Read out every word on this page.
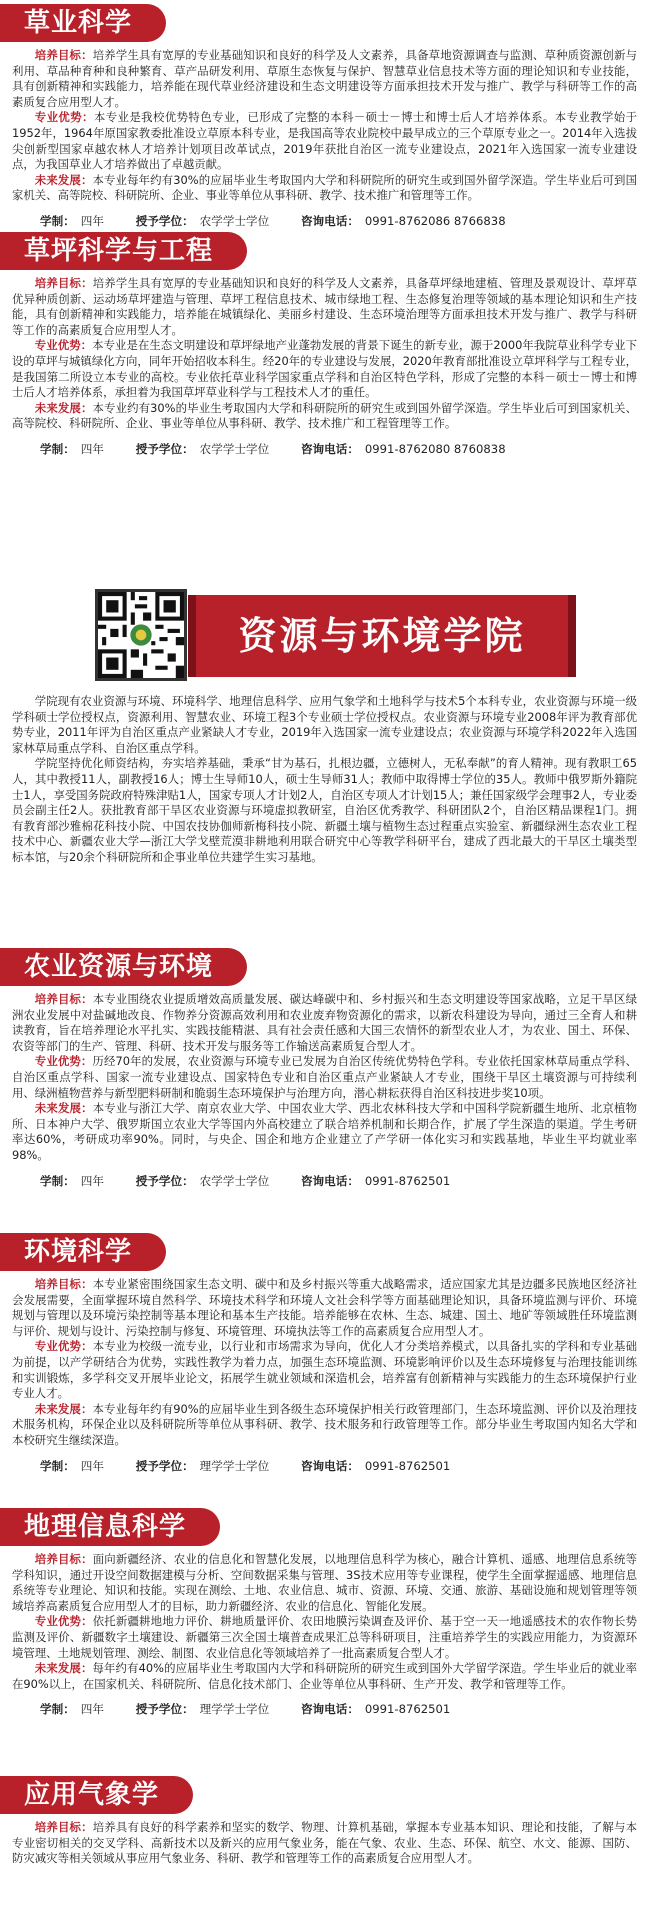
草业科学

培养目标：培养学生具有宽厚的专业基础知识和良好的科学及人文素养，具备草地资源调查与监测、草种质资源创新与利用、草品种育种和良种繁育、草产品研发利用、草原生态恢复与保护、智慧草业信息技术等方面的理论知识和专业技能，具有创新精神和实践能力，培养能在现代草业经济建设和生态文明建设等方面承担技术开发与推广、教学与科研等工作的高素质复合应用型人才。

专业优势：本专业是我校优势特色专业，已形成了完整的本科－硕士－博士和博士后人才培养体系。本专业教学始于1952年，1964年原国家教委批准设立草原本科专业，是我国高等农业院校中最早成立的三个草原专业之一。2014年入选拔尖创新型国家卓越农林人才培养计划项目改革试点，2019年获批自治区一流专业建设点，2021年入选国家一流专业建设点，为我国草业人才培养做出了卓越贡献。

未来发展：本专业每年约有30%的应届毕业生考取国内大学和科研院所的研究生或到国外留学深造。学生毕业后可到国家机关、高等院校、科研院所、企业、事业等单位从事科研、教学、技术推广和管理等工作。

学制： 四年	授予学位： 农学学士学位	咨询电话： 0991-8762086 8766838
草坪科学与工程

培养目标：培养学生具有宽厚的专业基础知识和良好的科学及人文素养，具备草坪绿地建植、管理及景观设计、草坪草优异种质创新、运动场草坪建造与管理、草坪工程信息技术、城市绿地工程、生态修复治理等领域的基本理论知识和生产技能，具有创新精神和实践能力，培养能在城镇绿化、美丽乡村建设、生态环境治理等方面承担技术开发与推广、教学与科研等工作的高素质复合应用型人才。

专业优势：本专业是在生态文明建设和草坪绿地产业蓬勃发展的背景下诞生的新专业，源于2000年我院草业科学专业下设的草坪与城镇绿化方向，同年开始招收本科生。经20年的专业建设与发展，2020年教育部批准设立草坪科学与工程专业，是我国第二所设立本专业的高校。专业依托草业科学国家重点学科和自治区特色学科，形成了完整的本科－硕士－博士和博士后人才培养体系，承担着为我国草坪草业科学与工程技术人才的重任。

未来发展：本专业约有30%的毕业生考取国内大学和科研院所的研究生或到国外留学深造。学生毕业后可到国家机关、高等院校、科研院所、企业、事业等单位从事科研、教学、技术推广和工程管理等工作。

学制： 四年	授予学位： 农学学士学位	咨询电话： 0991-8762080 8760838
资源与环境学院

学院现有农业资源与环境、环境科学、地理信息科学、应用气象学和土地科学与技术5个本科专业，农业资源与环境一级学科硕士学位授权点，资源利用、智慧农业、环境工程3个专业硕士学位授权点。农业资源与环境专业2008年评为教育部优势专业，2011年评为自治区重点产业紧缺人才专业，2019年入选国家一流专业建设点；农业资源与环境学科2022年入选国家林草局重点学科、自治区重点学科。

学院坚持优化师资结构，夯实培养基础，秉承“甘为基石，扎根边疆，立德树人，无私奉献”的育人精神。现有教职工65人，其中教授11人，副教授16人；博士生导师10人，硕士生导师31人；教师中取得博士学位的35人。教师中俄罗斯外籍院士1人，享受国务院政府特殊津贴1人，国家专项人才计划2人，自治区专项人才计划15人；兼任国家级学会理事2人，专业委员会副主任2人。获批教育部干旱区农业资源与环境虚拟教研室，自治区优秀教学、科研团队2个，自治区精品课程1门。拥有教育部沙雅棉花科技小院、中国农技协伽师新梅科技小院、新疆土壤与植物生态过程重点实验室、新疆绿洲生态农业工程技术中心、新疆农业大学—浙江大学戈壁荒漠非耕地利用联合研究中心等教学科研平台，建成了西北最大的干旱区土壤类型标本馆，与20余个科研院所和企事业单位共建学生实习基地。

农业资源与环境

培养目标：本专业围绕农业提质增效高质量发展、碳达峰碳中和、乡村振兴和生态文明建设等国家战略，立足干旱区绿洲农业发展中对盐碱地改良、作物养分资源高效利用和农业废弃物资源化的需求，以新农科建设为导向，通过三全育人和耕读教育，旨在培养理论水平扎实、实践技能精湛、具有社会责任感和大国三农情怀的新型农业人才，为农业、国土、环保、农资等部门的生产、管理、科研、技术开发与服务等工作输送高素质复合型人才。

专业优势：历经70年的发展，农业资源与环境专业已发展为自治区传统优势特色学科。专业依托国家林草局重点学科、自治区重点学科、国家一流专业建设点、国家特色专业和自治区重点产业紧缺人才专业，围绕干旱区土壤资源与可持续利用、绿洲植物营养与新型肥料研制和脆弱生态环境保护与治理方向，潜心耕耘获得自治区科技进步奖10项。

未来发展：本专业与浙江大学、南京农业大学、中国农业大学、西北农林科技大学和中国科学院新疆生地所、北京植物所、日本神户大学、俄罗斯国立农业大学等国内外高校建立了联合培养机制和长期合作，扩展了学生深造的渠道。学生考研率达60%，考研成功率90%。同时，与央企、国企和地方企业建立了产学研一体化实习和实践基地，毕业生平均就业率98%。

学制： 四年	授予学位： 农学学士学位	咨询电话： 0991-8762501
环境科学

培养目标：本专业紧密围绕国家生态文明、碳中和及乡村振兴等重大战略需求，适应国家尤其是边疆多民族地区经济社会发展需要，全面掌握环境自然科学、环境技术科学和环境人文社会科学等方面基础理论知识，具备环境监测与评价、环境规划与管理以及环境污染控制等基本理论和基本生产技能。培养能够在农林、生态、城建、国土、地矿等领域胜任环境监测与评价、规划与设计、污染控制与修复、环境管理、环境执法等工作的高素质复合应用型人才。

专业优势：本专业为校级一流专业，以行业和市场需求为导向，优化人才分类培养模式，以具备扎实的学科和专业基础为前提，以产学研结合为优势，实践性教学为着力点，加强生态环境监测、环境影响评价以及生态环境修复与治理技能训练和实训锻炼，多学科交叉开展毕业论文，拓展学生就业领域和深造机会，培养富有创新精神与实践能力的生态环境保护行业专业人才。

未来发展：本专业每年约有90%的应届毕业生到各级生态环境保护相关行政管理部门，生态环境监测、评价以及治理技术服务机构，环保企业以及科研院所等单位从事科研、教学、技术服务和行政管理等工作。部分毕业生考取国内知名大学和本校研究生继续深造。

学制： 四年	授予学位： 理学学士学位	咨询电话： 0991-8762501
地理信息科学

培养目标：面向新疆经济、农业的信息化和智慧化发展，以地理信息科学为核心，融合计算机、遥感、地理信息系统等学科知识，通过开设空间数据建模与分析、空间数据采集与管理、3S技术应用等专业课程，使学生全面掌握遥感、地理信息系统等专业理论、知识和技能。实现在测绘、土地、农业信息、城市、资源、环境、交通、旅游、基础设施和规划管理等领域培养高素质复合应用型人才的目标，助力新疆经济、农业的信息化、智能化发展。

专业优势：依托新疆耕地地力评价、耕地质量评价、农田地膜污染调查及评价、基于空一天一地遥感技术的农作物长势监测及评价、新疆数字土壤建设、新疆第三次全国土壤普查成果汇总等科研项目，注重培养学生的实践应用能力，为资源环境管理、土地规划管理、测绘、制图、农业信息化等领域培养了一批高素质复合型人才。

未来发展：每年约有40%的应届毕业生考取国内大学和科研院所的研究生或到国外大学留学深造。学生毕业后的就业率在90%以上，在国家机关、科研院所、信息化技术部门、企业等单位从事科研、生产开发、教学和管理等工作。

学制： 四年	授予学位： 理学学士学位	咨询电话： 0991-8762501
应用气象学

培养目标：培养具有良好的科学素养和坚实的数学、物理、计算机基础，掌握本专业基本知识、理论和技能，了解与本专业密切相关的交叉学科、高新技术以及新兴的应用气象业务，能在气象、农业、生态、环保、航空、水文、能源、国防、防灾减灾等相关领域从事应用气象业务、科研、教学和管理等工作的高素质复合应用型人才。
